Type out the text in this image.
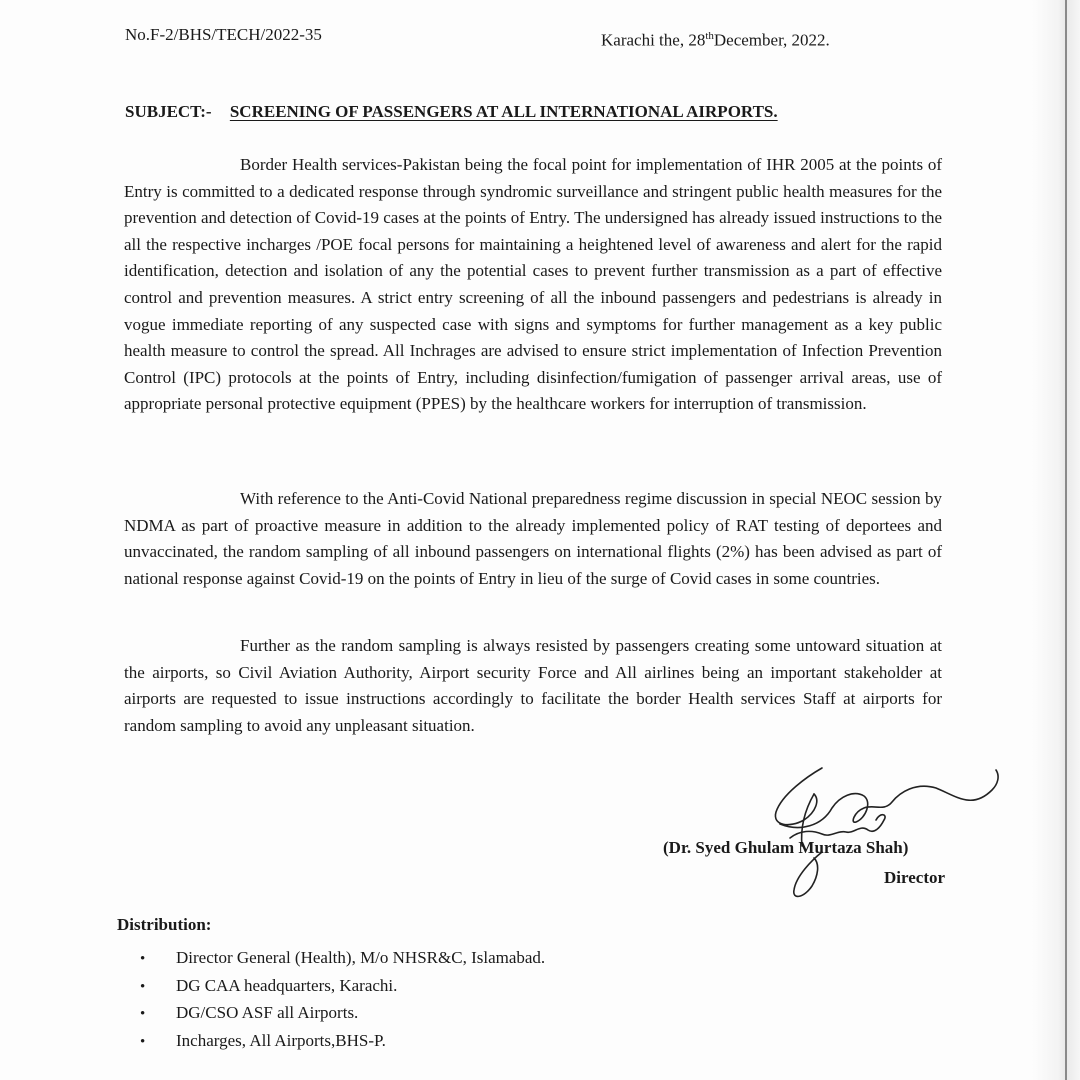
No.F-2/BHS/TECH/2022-35	Karachi the, 28thDecember, 2022.
SUBJECT:- SCREENING OF PASSENGERS AT ALL INTERNATIONAL AIRPORTS.

Border Health services-Pakistan being the focal point for implementation of IHR 2005 at the points of Entry is committed to a dedicated response through syndromic surveillance and stringent public health measures for the prevention and detection of Covid-19 cases at the points of Entry. The undersigned has already issued instructions to the all the respective incharges /POE focal persons for maintaining a heightened level of awareness and alert for the rapid identification, detection and isolation of any the potential cases to prevent further transmission as a part of effective control and prevention measures. A strict entry screening of all the inbound passengers and pedestrians is already in vogue immediate reporting of any suspected case with signs and symptoms for further management as a key public health measure to control the spread. All Inchrages are advised to ensure strict implementation of Infection Prevention Control (IPC) protocols at the points of Entry, including disinfection/fumigation of passenger arrival areas, use of appropriate personal protective equipment (PPES) by the healthcare workers for interruption of transmission.

With reference to the Anti-Covid National preparedness regime discussion in special NEOC session by NDMA as part of proactive measure in addition to the already implemented policy of RAT testing of deportees and unvaccinated, the random sampling of all inbound passengers on international flights (2%) has been advised as part of national response against Covid-19 on the points of Entry in lieu of the surge of Covid cases in some countries.

Further as the random sampling is always resisted by passengers creating some untoward situation at the airports, so Civil Aviation Authority, Airport security Force and All airlines being an important stakeholder at airports are requested to issue instructions accordingly to facilitate the border Health services Staff at airports for random sampling to avoid any unpleasant situation.

(Dr. Syed Ghulam Murtaza Shah)
Director
Distribution:
• Director General (Health), M/o NHSR&C, Islamabad.
• DG CAA headquarters, Karachi.
• DG/CSO ASF all Airports.
• Incharges, All Airports,BHS-P.
